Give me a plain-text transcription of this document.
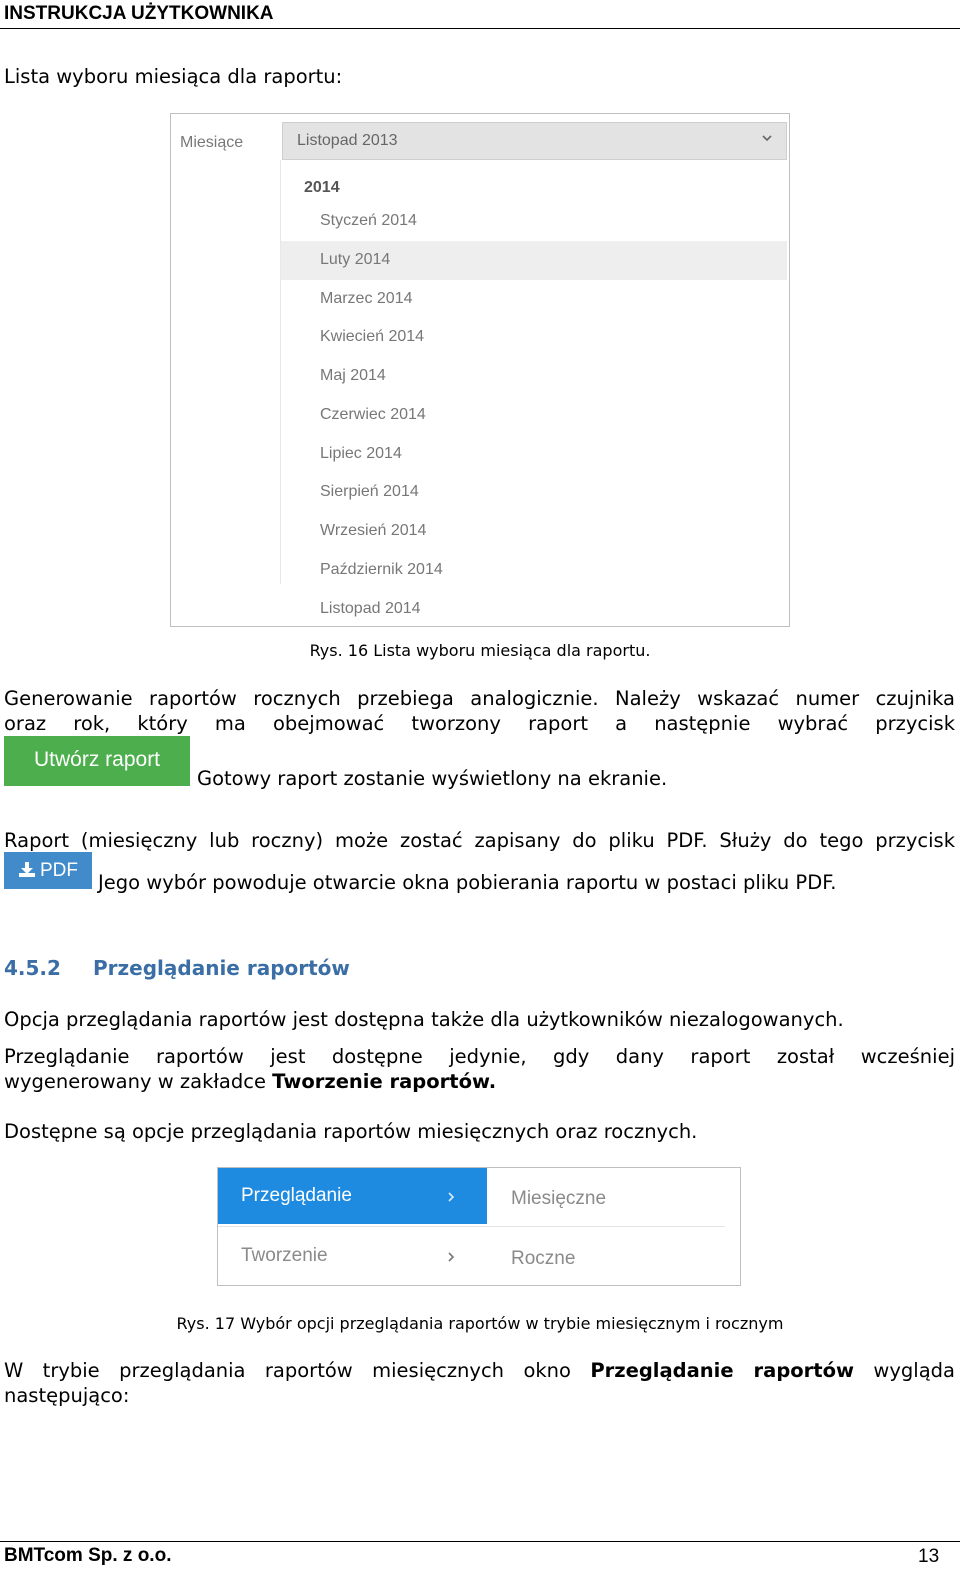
INSTRUKCJA UŻYTKOWNIKA
Lista wyboru miesiąca dla raportu:
Miesiące	Listopad 2013
2014
Styczeń 2014
Luty 2014
Marzec 2014
Kwiecień 2014
Maj 2014
Czerwiec 2014
Lipiec 2014
Sierpień 2014
Wrzesień 2014
Październik 2014
Listopad 2014
Rys. 16 Lista wyboru miesiąca dla raportu.
Generowanie raportów rocznych przebiega analogicznie. Należy wskazać numer czujnika
oraz rok, który ma obejmować tworzony raport a następnie wybrać przycisk
Utwórz raport
Gotowy raport zostanie wyświetlony na ekranie.
Raport (miesięczny lub roczny) może zostać zapisany do pliku PDF. Służy do tego przycisk
PDF
Jego wybór powoduje otwarcie okna pobierania raportu w postaci pliku PDF.
4.5.2 Przeglądanie raportów
Opcja przeglądania raportów jest dostępna także dla użytkowników niezalogowanych.
Przeglądanie raportów jest dostępne jedynie, gdy dany raport został wcześniej
wygenerowany w zakładce Tworzenie raportów.
Dostępne są opcje przeglądania raportów miesięcznych oraz rocznych.
Przeglądanie	Miesięczne
Tworzenie	Roczne
Rys. 17 Wybór opcji przeglądania raportów w trybie miesięcznym i rocznym
W trybie przeglądania raportów miesięcznych okno Przeglądanie raportów wygląda
następująco:
BMTcom Sp. z o.o.	13
